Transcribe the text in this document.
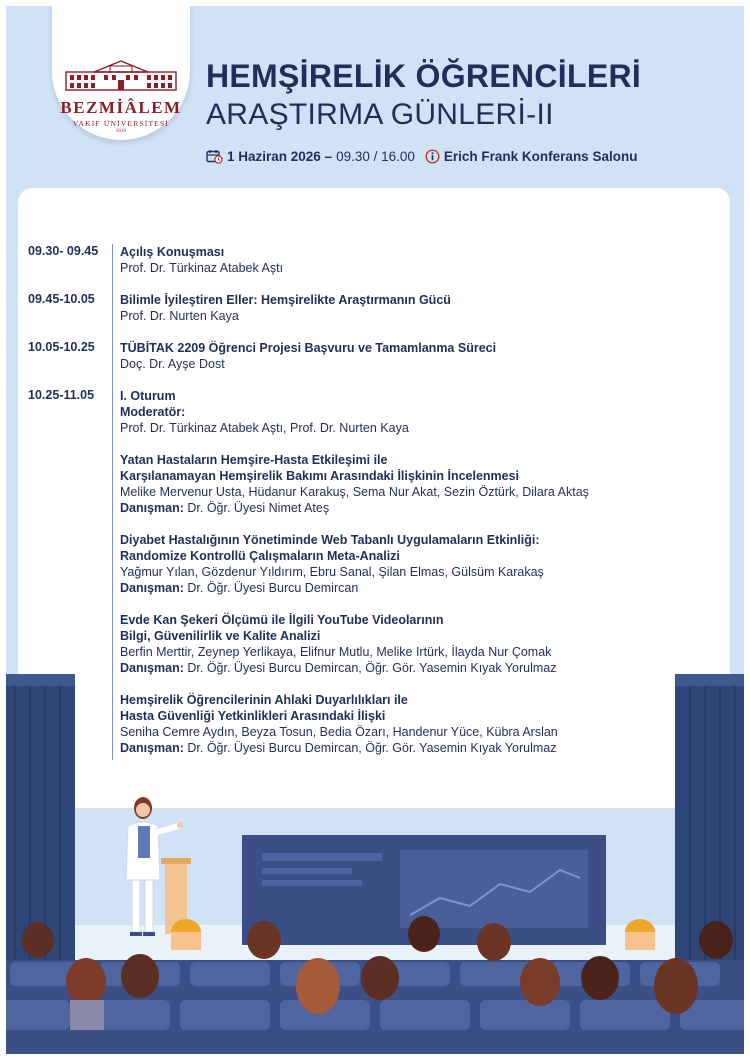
BEZMİÂLEM
VAKIF ÜNİVERSİTESİ
2010
HEMŞİRELİK ÖĞRENCİLERİ
ARAŞTIRMA GÜNLERİ-II
1 Haziran 2026 – 09.30 / 16.00 Erich Frank Konferans Salonu
09.30- 09.45 Açılış Konuşması
Prof. Dr. Türkinaz Atabek Aştı
09.45-10.05 Bilimle İyileştiren Eller: Hemşirelikte Araştırmanın Gücü
Prof. Dr. Nurten Kaya
10.05-10.25 TÜBİTAK 2209 Öğrenci Projesi Başvuru ve Tamamlanma Süreci
Doç. Dr. Ayşe Dost
10.25-11.05 I. Oturum
Moderatör:
Prof. Dr. Türkinaz Atabek Aştı, Prof. Dr. Nurten Kaya
Yatan Hastaların Hemşire-Hasta Etkileşimi ile
Karşılanamayan Hemşirelik Bakımı Arasındaki İlişkinin İncelenmesi
Melike Mervenur Usta, Hüdanur Karakuş, Sema Nur Akat, Sezin Öztürk, Dilara Aktaş
Danışman: Dr. Öğr. Üyesi Nimet Ateş
Diyabet Hastalığının Yönetiminde Web Tabanlı Uygulamaların Etkinliği:
Randomize Kontrollü Çalışmaların Meta-Analizi
Yağmur Yılan, Gözdenur Yıldırım, Ebru Sanal, Şilan Elmas, Gülsüm Karakaş
Danışman: Dr. Öğr. Üyesi Burcu Demircan
Evde Kan Şekeri Ölçümü ile İlgili YouTube Videolarının
Bilgi, Güvenilirlik ve Kalite Analizi
Berfin Merttir, Zeynep Yerlikaya, Elifnur Mutlu, Melike Irtürk, İlayda Nur Çomak
Danışman: Dr. Öğr. Üyesi Burcu Demircan, Öğr. Gör. Yasemin Kıyak Yorulmaz
Hemşirelik Öğrencilerinin Ahlaki Duyarlılıkları ile
Hasta Güvenliği Yetkinlikleri Arasındaki İlişki
Seniha Cemre Aydın, Beyza Tosun, Bedia Özarı, Handenur Yüce, Kübra Arslan
Danışman: Dr. Öğr. Üyesi Burcu Demircan, Öğr. Gör. Yasemin Kıyak Yorulmaz
